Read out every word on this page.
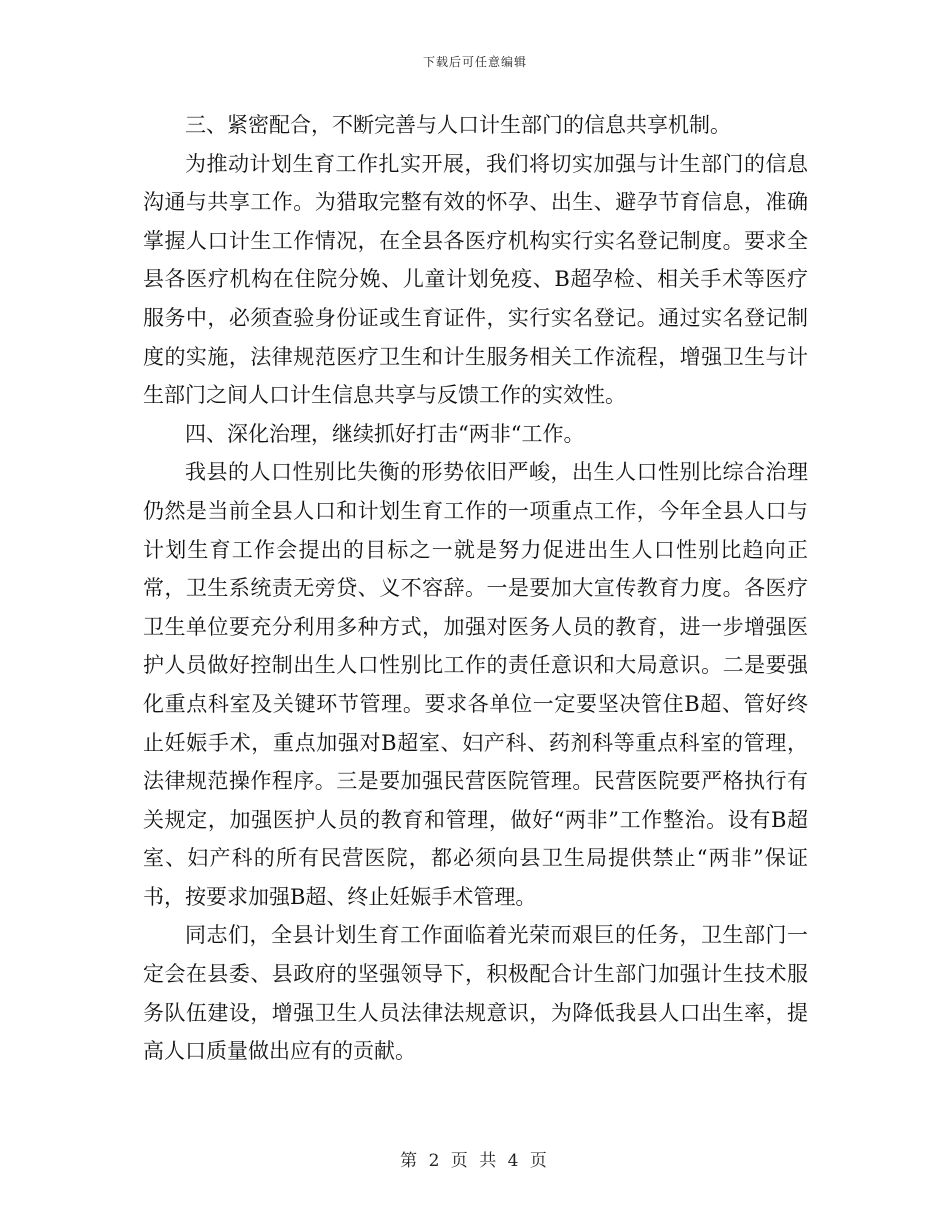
下载后可任意编辑

三、紧密配合，不断完善与人口计生部门的信息共享机制。

为推动计划生育工作扎实开展，我们将切实加强与计生部门的信息沟通与共享工作。为猎取完整有效的怀孕、出生、避孕节育信息，准确掌握人口计生工作情况，在全县各医疗机构实行实名登记制度。要求全县各医疗机构在住院分娩、儿童计划免疫、B超孕检、相关手术等医疗服务中，必须查验身份证或生育证件，实行实名登记。通过实名登记制度的实施，法律规范医疗卫生和计生服务相关工作流程，增强卫生与计生部门之间人口计生信息共享与反馈工作的实效性。

四、深化治理，继续抓好打击“两非“工作。

我县的人口性别比失衡的形势依旧严峻，出生人口性别比综合治理仍然是当前全县人口和计划生育工作的一项重点工作，今年全县人口与计划生育工作会提出的目标之一就是努力促进出生人口性别比趋向正常，卫生系统责无旁贷、义不容辞。一是要加大宣传教育力度。各医疗卫生单位要充分利用多种方式，加强对医务人员的教育，进一步增强医护人员做好控制出生人口性别比工作的责任意识和大局意识。二是要强化重点科室及关键环节管理。要求各单位一定要坚决管住B超、管好终止妊娠手术，重点加强对B超室、妇产科、药剂科等重点科室的管理，法律规范操作程序。三是要加强民营医院管理。民营医院要严格执行有关规定，加强医护人员的教育和管理，做好“两非”工作整治。设有B超室、妇产科的所有民营医院，都必须向县卫生局提供禁止“两非”保证书，按要求加强B超、终止妊娠手术管理。

同志们，全县计划生育工作面临着光荣而艰巨的任务，卫生部门一定会在县委、县政府的坚强领导下，积极配合计生部门加强计生技术服务队伍建设，增强卫生人员法律法规意识，为降低我县人口出生率，提高人口质量做出应有的贡献。

第 2 页 共 4 页
